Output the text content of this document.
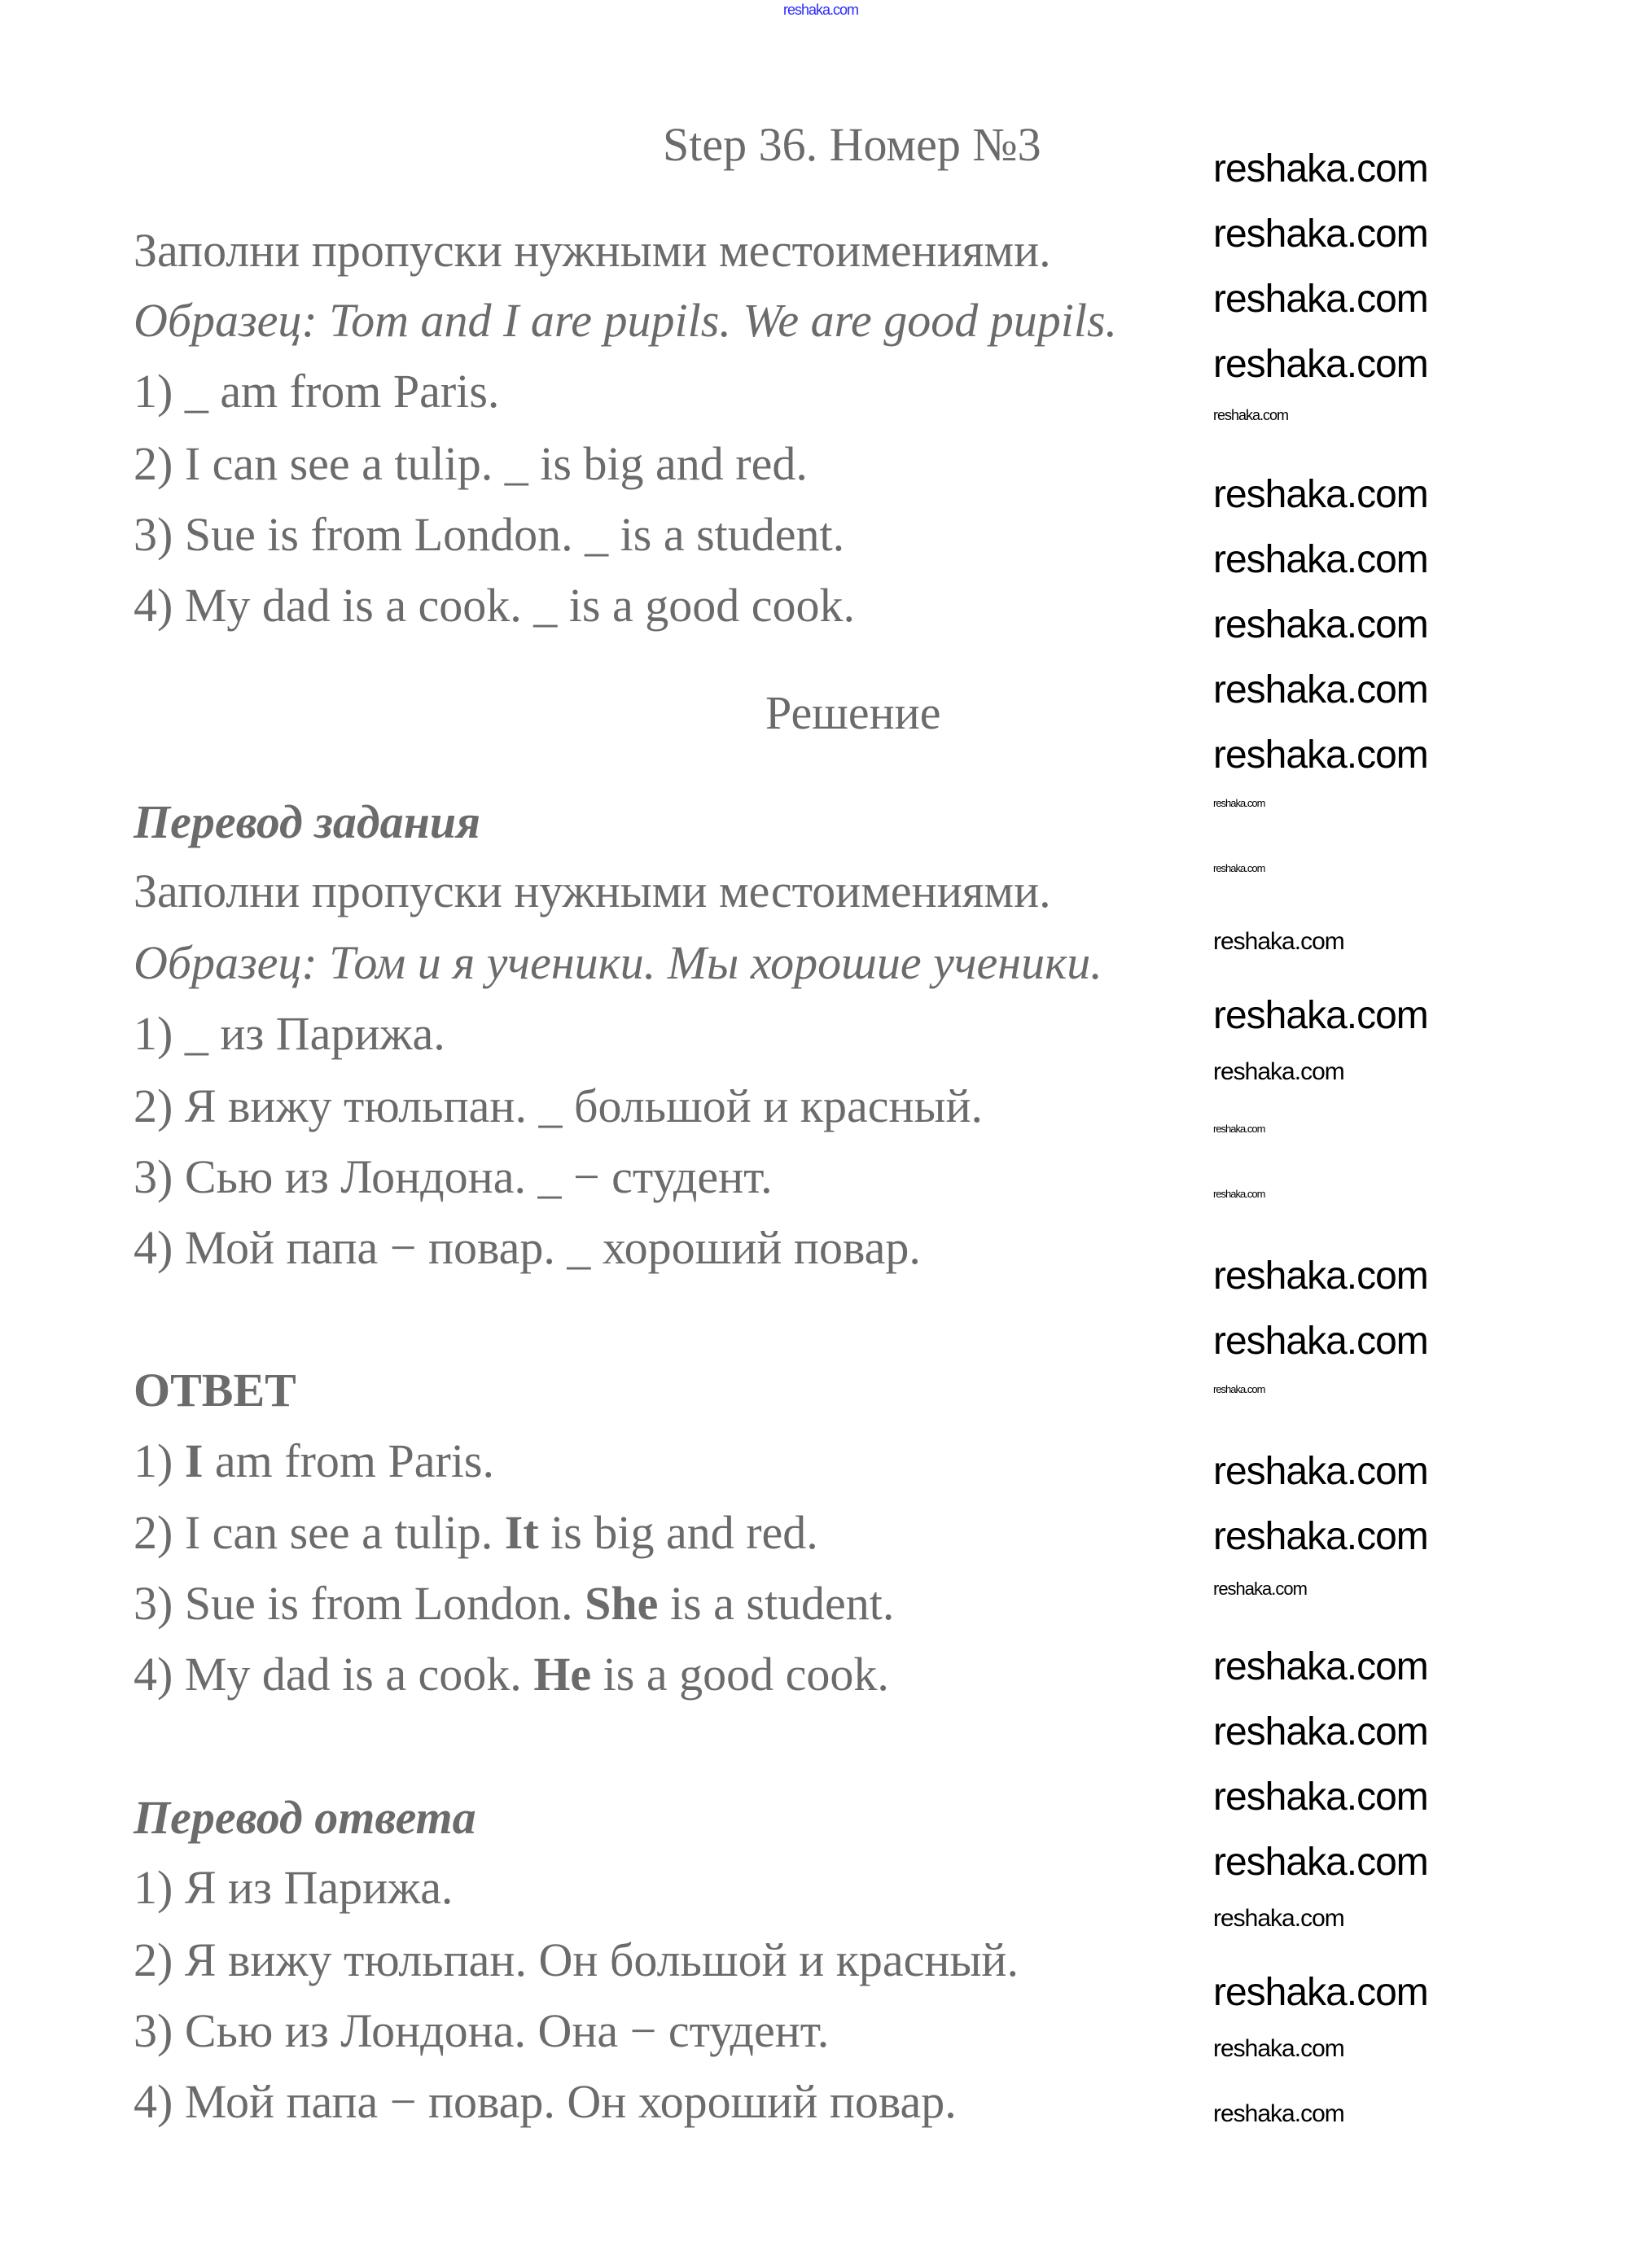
reshaka.com
Step 36. Номер №3
Заполни пропуски нужными местоимениями.
Образец: Tom and I are pupils. We are good pupils.
1) _ am from Paris.
2) I can see a tulip. _ is big and red.
3) Sue is from London. _ is a student.
4) My dad is a cook. _ is a good cook.
Решение
Перевод задания
Заполни пропуски нужными местоимениями.
Образец: Том и я ученики. Мы хорошие ученики.
1) _ из Парижа.
2) Я вижу тюльпан. _ большой и красный.
3) Сью из Лондона. _ − студент.
4) Мой папа − повар. _ хороший повар.
ОТВЕТ
1) I am from Paris.
2) I can see a tulip. It is big and red.
3) Sue is from London. She is a student.
4) My dad is a cook. He is a good cook.
Перевод ответа
1) Я из Парижа.
2) Я вижу тюльпан. Он большой и красный.
3) Сью из Лондона. Она − студент.
4) Мой папа − повар. Он хороший повар.
reshaka.com
reshaka.com
reshaka.com
reshaka.com
reshaka.com
reshaka.com
reshaka.com
reshaka.com
reshaka.com
reshaka.com
reshaka.com
reshaka.com
reshaka.com
reshaka.com
reshaka.com
reshaka.com
reshaka.com
reshaka.com
reshaka.com
reshaka.com
reshaka.com
reshaka.com
reshaka.com
reshaka.com
reshaka.com
reshaka.com
reshaka.com
reshaka.com
reshaka.com
reshaka.com
reshaka.com
